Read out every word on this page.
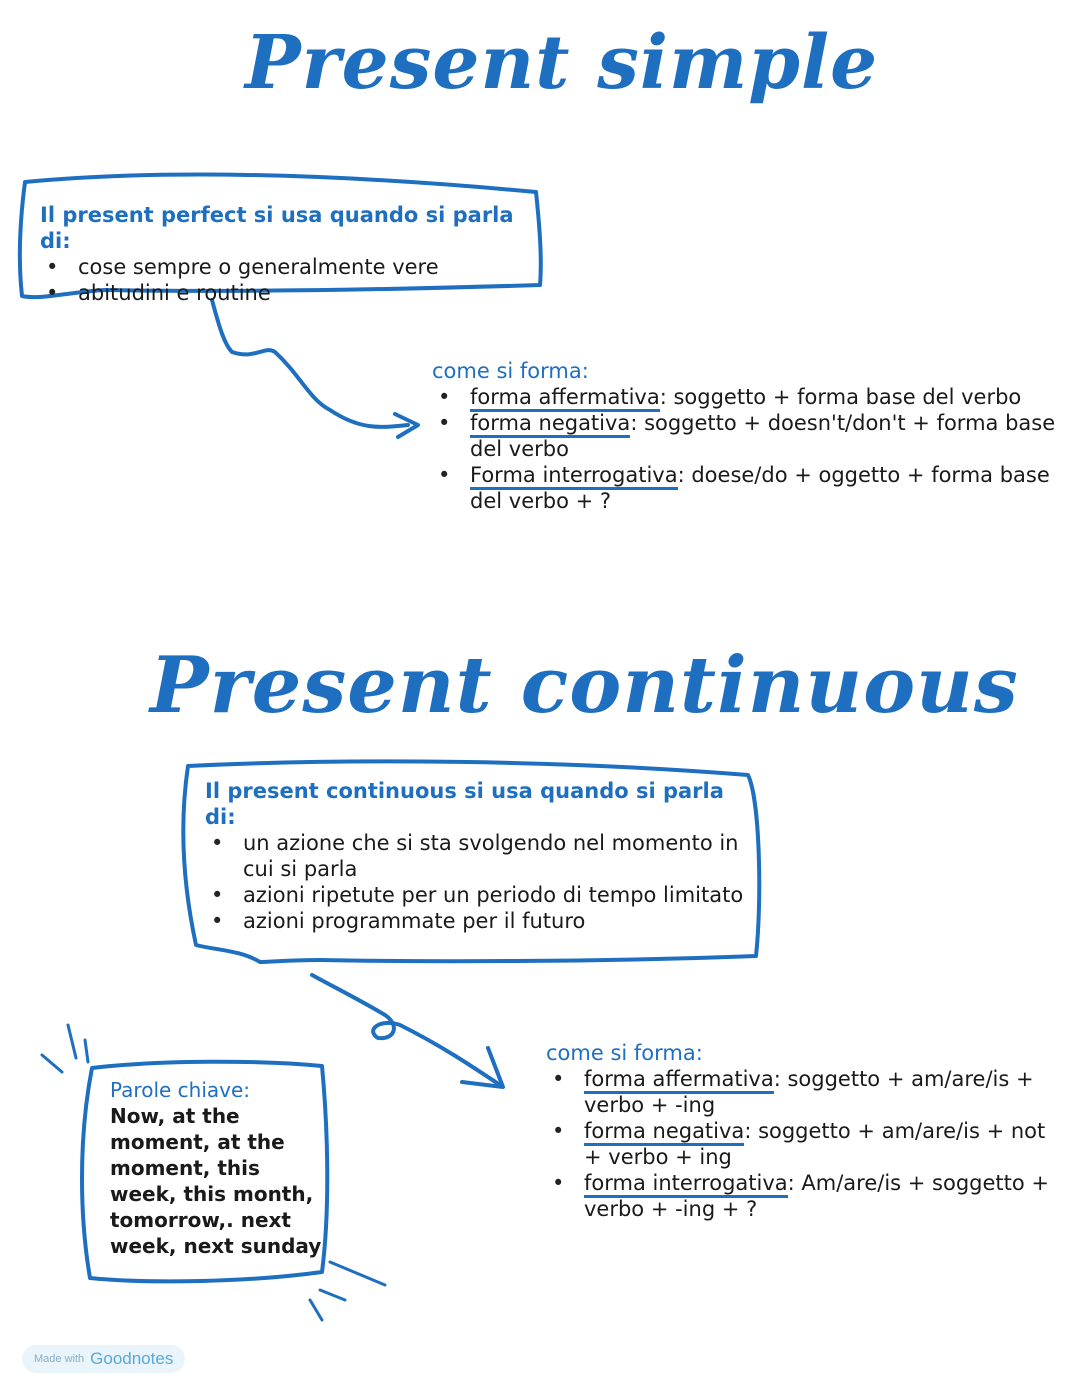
Present simple
Il present perfect si usa quando si parla di:
• cose sempre o generalmente vere
• abitudini e routine
come si forma:
• forma affermativa: soggetto + forma base del verbo
• forma negativa: soggetto + doesn't/don't + forma base del verbo
• Forma interrogativa: doese/do + oggetto + forma base del verbo + ?
Present continuous
Il present continuous si usa quando si parla di:
• un azione che si sta svolgendo nel momento in cui si parla
• azioni ripetute per un periodo di tempo limitato
• azioni programmate per il futuro
Parole chiave:
Now, at the moment, at the moment, this week, this month, tomorrow,. next week, next sunday
come si forma:
• forma affermativa: soggetto + am/are/is + verbo + -ing
• forma negativa: soggetto + am/are/is + not + verbo + ing
• forma interrogativa: Am/are/is + soggetto + verbo + -ing + ?
Made with Goodnotes
